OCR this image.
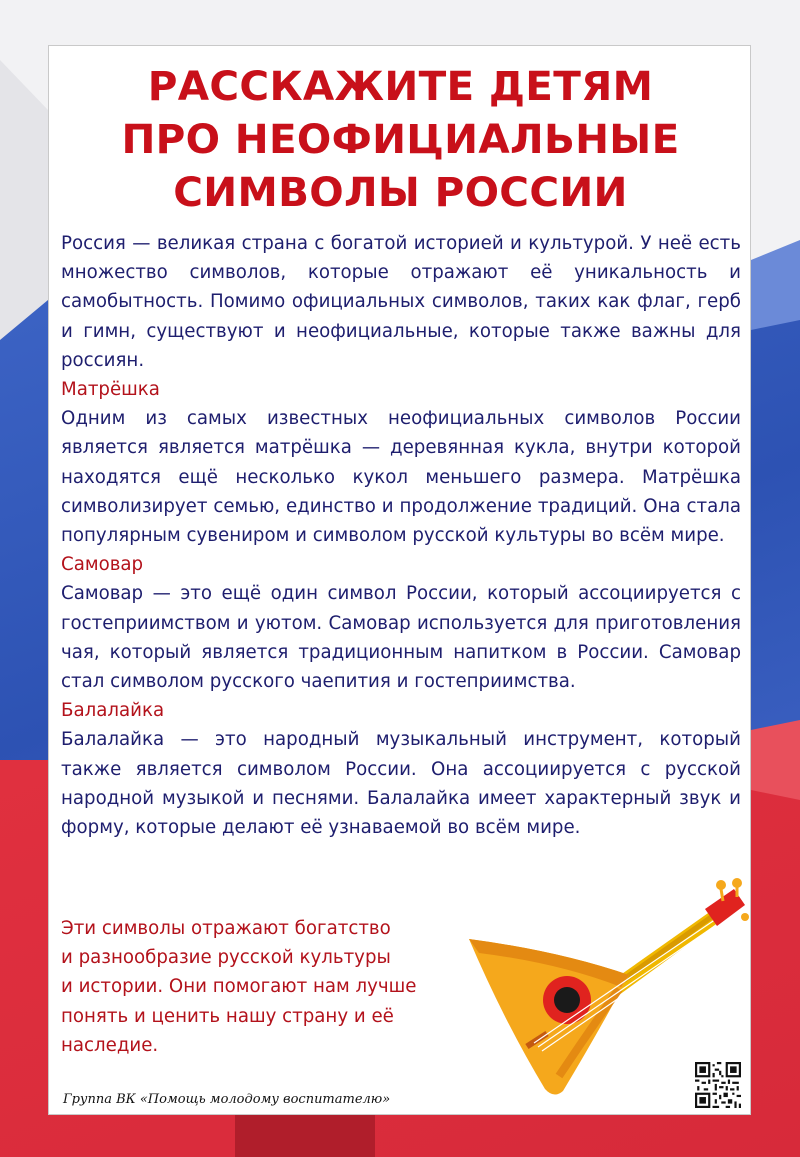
РАССКАЖИТЕ ДЕТЯМ
ПРО НЕОФИЦИАЛЬНЫЕ
СИМВОЛЫ РОССИИ

Россия — великая страна с богатой историей и культурой. У неё есть множество символов, которые отражают её уникальность и самобытность. Помимо официальных символов, таких как флаг, герб и гимн, существуют и неофициальные, которые также важны для россиян.

Матрёшка

Одним из самых известных неофициальных символов России является является матрёшка — деревянная кукла, внутри которой находятся ещё несколько кукол меньшего размера. Матрёшка символизирует семью, единство и продолжение традиций. Она стала популярным сувениром и символом русской культуры во всём мире.

Самовар

Самовар — это ещё один символ России, который ассоциируется с гостеприимством и уютом. Самовар используется для приготовления чая, который является традиционным напитком в России. Самовар стал символом русского чаепития и гостеприимства.

Балалайка

Балалайка — это народный музыкальный инструмент, который также является символом России. Она ассоциируется с русской народной музыкой и песнями. Балалайка имеет характерный звук и форму, которые делают её узнаваемой во всём мире.

Эти символы отражают богатство
и разнообразие русской культуры
и истории. Они помогают нам лучше
понять и ценить нашу страну и её
наследие.
Группа ВК «Помощь молодому воспитателю»
